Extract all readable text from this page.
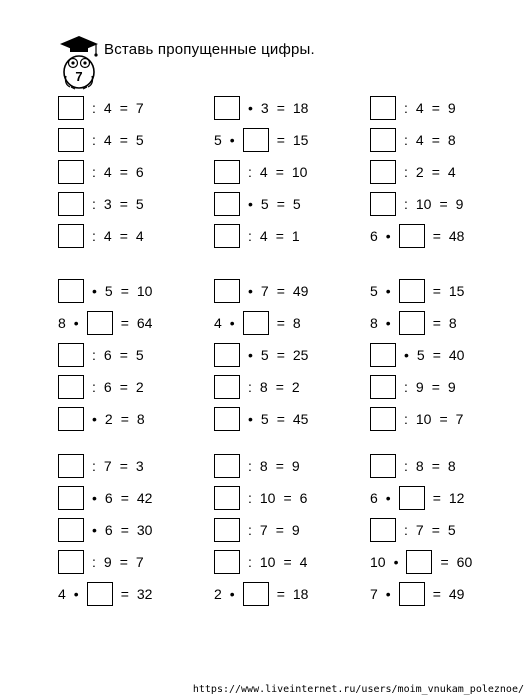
7
Вставь пропущенные цифры.
: 4 = 7
: 4 = 5
: 4 = 6
: 3 = 5
: 4 = 4
• 5 = 10
8 •	= 64
: 6 = 5
: 6 = 2
• 2 = 8
: 7 = 3
• 6 = 42
• 6 = 30
: 9 = 7
4 •	= 32
• 3 = 18
5 •	= 15
: 4 = 10
• 5 = 5
: 4 = 1
• 7 = 49
4 •	= 8
• 5 = 25
: 8 = 2
• 5 = 45
: 8 = 9
: 10 = 6
: 7 = 9
: 10 = 4
2 •	= 18
: 4 = 9
: 4 = 8
: 2 = 4
: 10 = 9
6 •	= 48
5 •	= 15
8 •	= 8
• 5 = 40
: 9 = 9
: 10 = 7
: 8 = 8
6 •	= 12
: 7 = 5
10 •	= 60
7 •	= 49
https://www.liveinternet.ru/users/moim_vnukam_poleznoe/
